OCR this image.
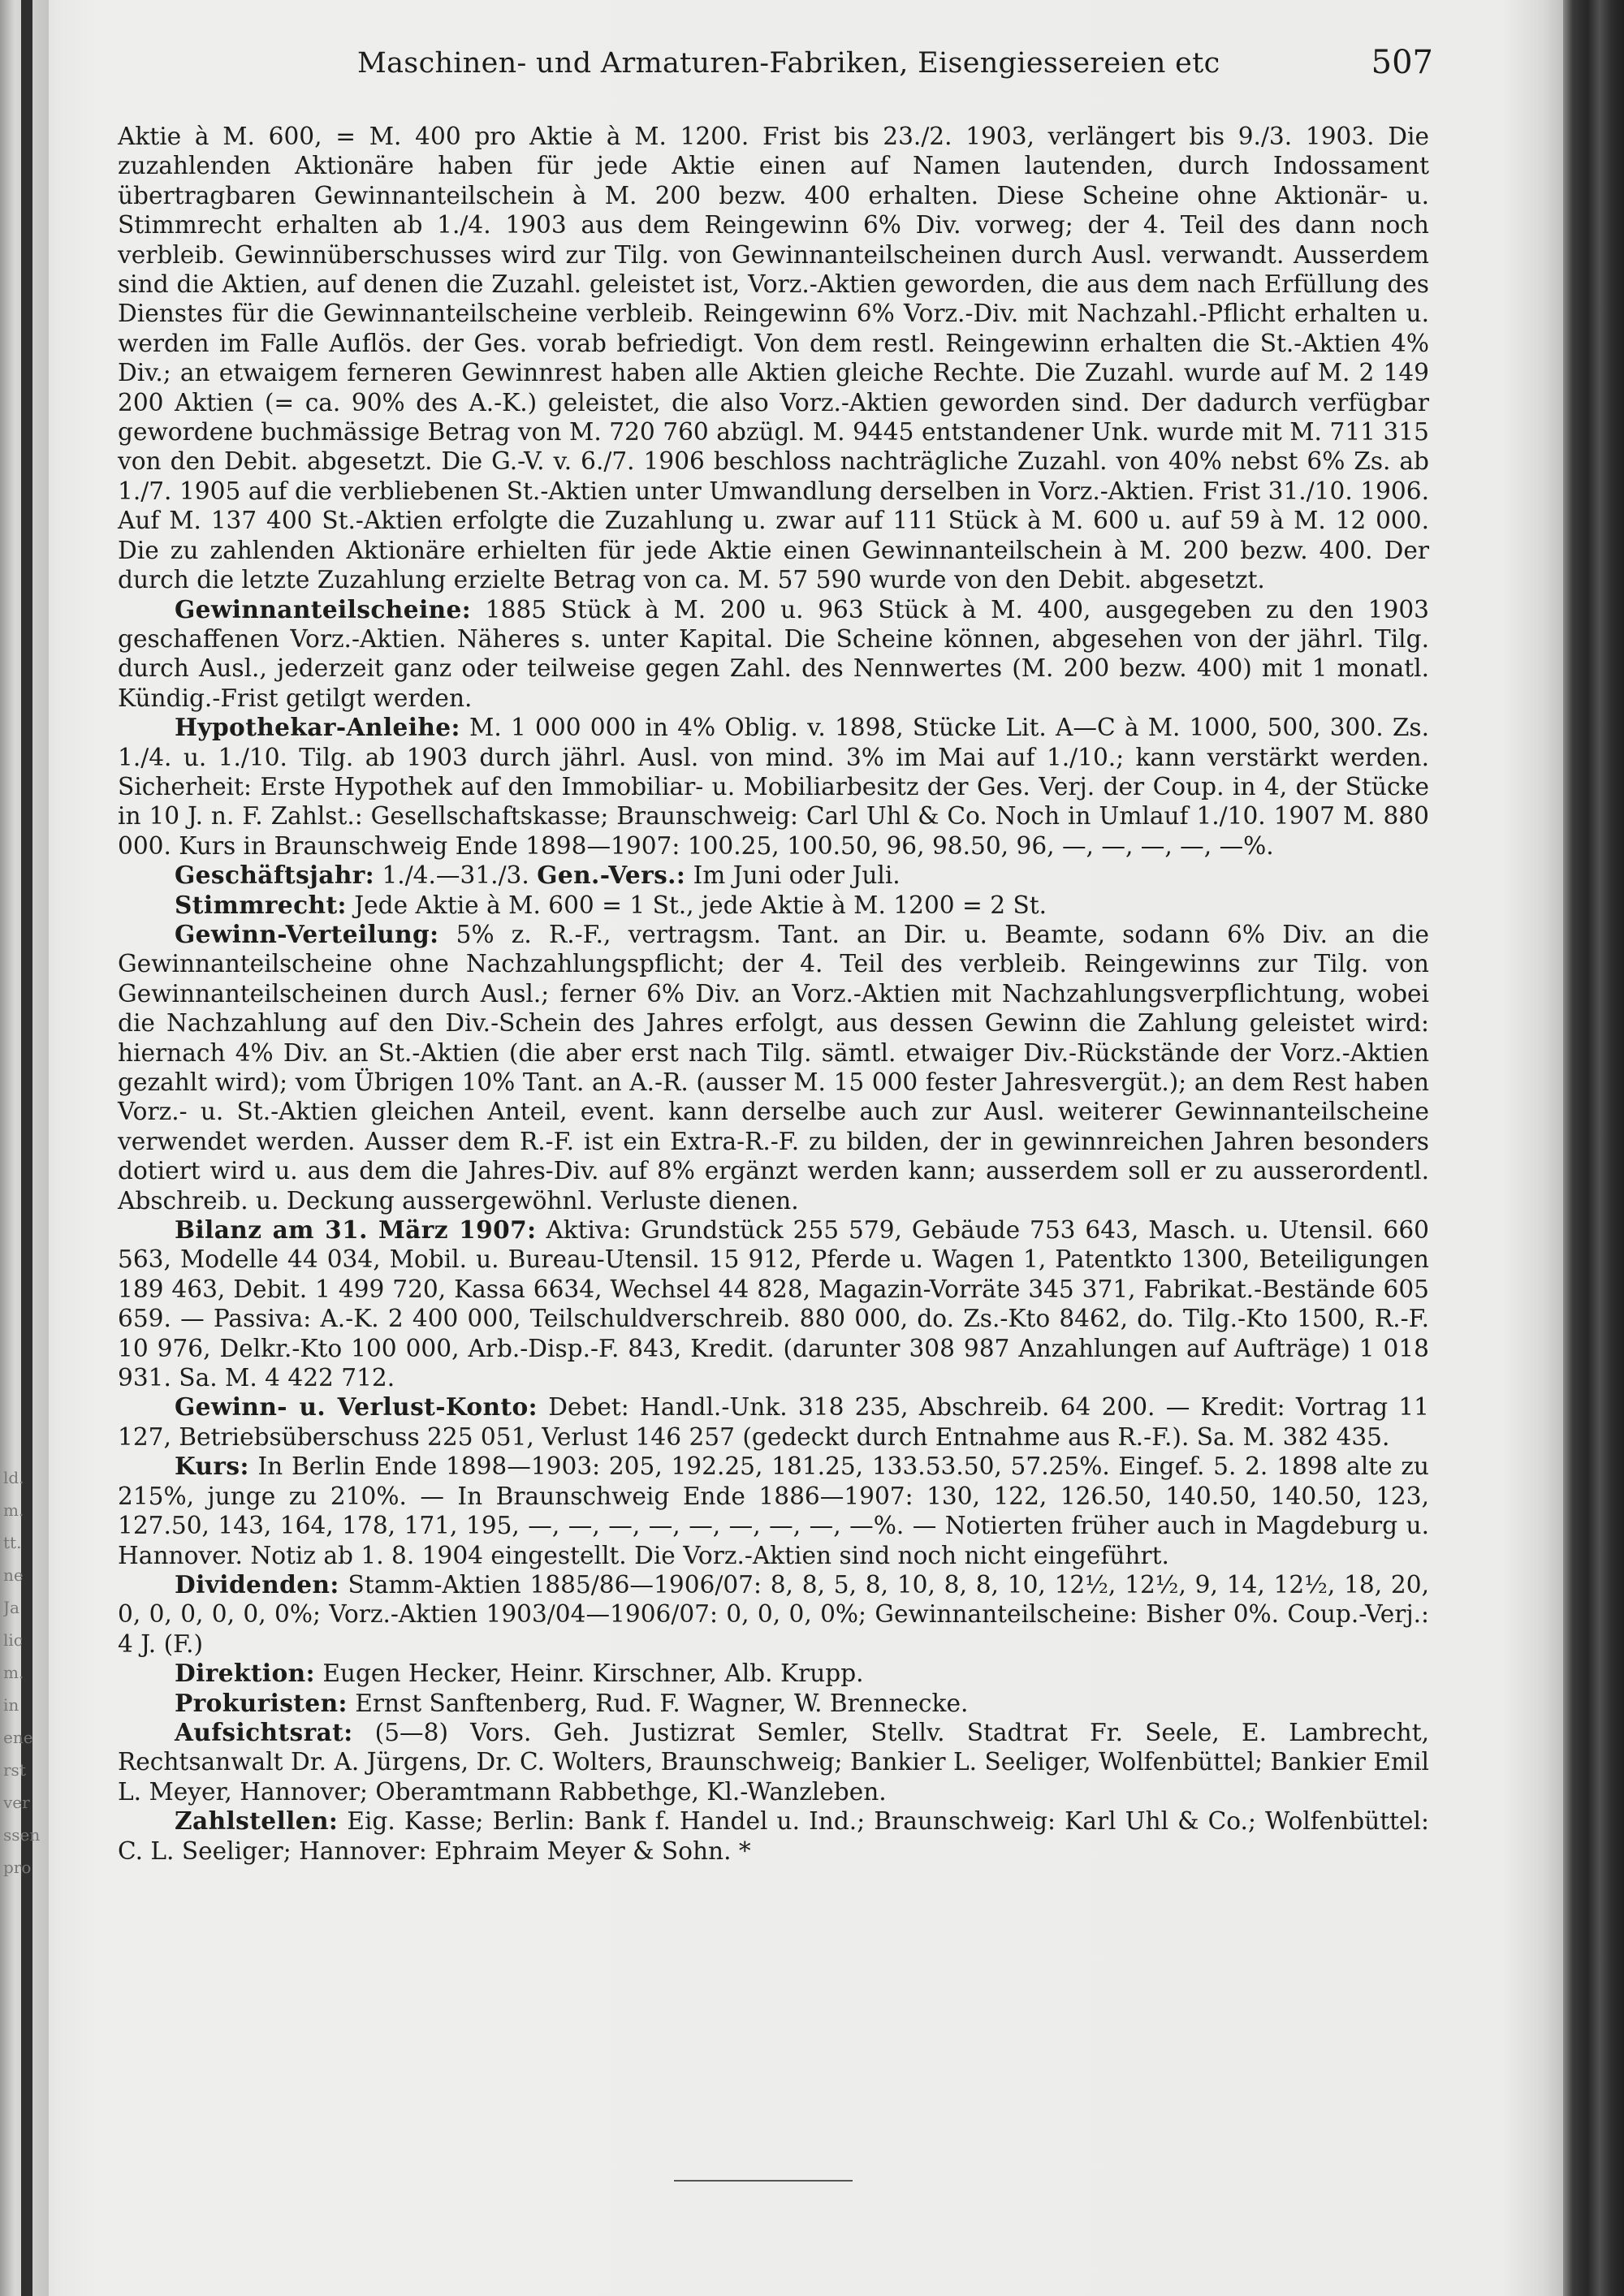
ld.
m.
tt.
ne
Ja
lic
m.
in
ene
rst
ver
ssen
pro
Maschinen- und Armaturen-Fabriken, Eisengiessereien etc	507

Aktie à M. 600, = M. 400 pro Aktie à M. 1200. Frist bis 23./2. 1903, verlängert bis 9./3. 1903. Die zuzahlenden Aktionäre haben für jede Aktie einen auf Namen lautenden, durch Indossament übertragbaren Gewinnanteilschein à M. 200 bezw. 400 erhalten. Diese Scheine ohne Aktionär- u. Stimmrecht erhalten ab 1./4. 1903 aus dem Reingewinn 6% Div. vorweg; der 4. Teil des dann noch verbleib. Gewinnüberschusses wird zur Tilg. von Gewinnanteilscheinen durch Ausl. verwandt. Ausserdem sind die Aktien, auf denen die Zuzahl. geleistet ist, Vorz.-Aktien geworden, die aus dem nach Erfüllung des Dienstes für die Gewinnanteilscheine verbleib. Reingewinn 6% Vorz.-Div. mit Nachzahl.-Pflicht erhalten u. werden im Falle Auflös. der Ges. vorab befriedigt. Von dem restl. Reingewinn erhalten die St.-Aktien 4% Div.; an etwaigem ferneren Gewinnrest haben alle Aktien gleiche Rechte. Die Zuzahl. wurde auf M. 2 149 200 Aktien (= ca. 90% des A.-K.) geleistet, die also Vorz.-Aktien geworden sind. Der dadurch verfügbar gewordene buchmässige Betrag von M. 720 760 abzügl. M. 9445 entstandener Unk. wurde mit M. 711 315 von den Debit. abgesetzt. Die G.-V. v. 6./7. 1906 beschloss nachträgliche Zuzahl. von 40% nebst 6% Zs. ab 1./7. 1905 auf die verbliebenen St.-Aktien unter Umwandlung derselben in Vorz.-Aktien. Frist 31./10. 1906. Auf M. 137 400 St.-Aktien erfolgte die Zuzahlung u. zwar auf 111 Stück à M. 600 u. auf 59 à M. 12 000. Die zu zahlenden Aktionäre erhielten für jede Aktie einen Gewinnanteilschein à M. 200 bezw. 400. Der durch die letzte Zuzahlung erzielte Betrag von ca. M. 57 590 wurde von den Debit. abgesetzt.

Gewinnanteilscheine: 1885 Stück à M. 200 u. 963 Stück à M. 400, ausgegeben zu den 1903 geschaffenen Vorz.-Aktien. Näheres s. unter Kapital. Die Scheine können, abgesehen von der jährl. Tilg. durch Ausl., jederzeit ganz oder teilweise gegen Zahl. des Nennwertes (M. 200 bezw. 400) mit 1 monatl. Kündig.-Frist getilgt werden.

Hypothekar-Anleihe: M. 1 000 000 in 4% Oblig. v. 1898, Stücke Lit. A—C à M. 1000, 500, 300. Zs. 1./4. u. 1./10. Tilg. ab 1903 durch jährl. Ausl. von mind. 3% im Mai auf 1./10.; kann verstärkt werden. Sicherheit: Erste Hypothek auf den Immobiliar- u. Mobiliarbesitz der Ges. Verj. der Coup. in 4, der Stücke in 10 J. n. F. Zahlst.: Gesellschaftskasse; Braunschweig: Carl Uhl & Co. Noch in Umlauf 1./10. 1907 M. 880 000. Kurs in Braunschweig Ende 1898—1907: 100.25, 100.50, 96, 98.50, 96, —, —, —, —, —%.

Geschäftsjahr: 1./4.—31./3. Gen.-Vers.: Im Juni oder Juli.

Stimmrecht: Jede Aktie à M. 600 = 1 St., jede Aktie à M. 1200 = 2 St.

Gewinn-Verteilung: 5% z. R.-F., vertragsm. Tant. an Dir. u. Beamte, sodann 6% Div. an die Gewinnanteilscheine ohne Nachzahlungspflicht; der 4. Teil des verbleib. Reingewinns zur Tilg. von Gewinnanteilscheinen durch Ausl.; ferner 6% Div. an Vorz.-Aktien mit Nachzahlungsverpflichtung, wobei die Nachzahlung auf den Div.-Schein des Jahres erfolgt, aus dessen Gewinn die Zahlung geleistet wird: hiernach 4% Div. an St.-Aktien (die aber erst nach Tilg. sämtl. etwaiger Div.-Rückstände der Vorz.-Aktien gezahlt wird); vom Übrigen 10% Tant. an A.-R. (ausser M. 15 000 fester Jahresvergüt.); an dem Rest haben Vorz.- u. St.-Aktien gleichen Anteil, event. kann derselbe auch zur Ausl. weiterer Gewinnanteilscheine verwendet werden. Ausser dem R.-F. ist ein Extra-R.-F. zu bilden, der in gewinnreichen Jahren besonders dotiert wird u. aus dem die Jahres-Div. auf 8% ergänzt werden kann; ausserdem soll er zu ausserordentl. Abschreib. u. Deckung aussergewöhnl. Verluste dienen.

Bilanz am 31. März 1907: Aktiva: Grundstück 255 579, Gebäude 753 643, Masch. u. Utensil. 660 563, Modelle 44 034, Mobil. u. Bureau-Utensil. 15 912, Pferde u. Wagen 1, Patentkto 1300, Beteiligungen 189 463, Debit. 1 499 720, Kassa 6634, Wechsel 44 828, Magazin-Vorräte 345 371, Fabrikat.-Bestände 605 659. — Passiva: A.-K. 2 400 000, Teilschuldverschreib. 880 000, do. Zs.-Kto 8462, do. Tilg.-Kto 1500, R.-F. 10 976, Delkr.-Kto 100 000, Arb.-Disp.-F. 843, Kredit. (darunter 308 987 Anzahlungen auf Aufträge) 1 018 931. Sa. M. 4 422 712.

Gewinn- u. Verlust-Konto: Debet: Handl.-Unk. 318 235, Abschreib. 64 200. — Kredit: Vortrag 11 127, Betriebsüberschuss 225 051, Verlust 146 257 (gedeckt durch Entnahme aus R.-F.). Sa. M. 382 435.

Kurs: In Berlin Ende 1898—1903: 205, 192.25, 181.25, 133.53.50, 57.25%. Eingef. 5. 2. 1898 alte zu 215%, junge zu 210%. — In Braunschweig Ende 1886—1907: 130, 122, 126.50, 140.50, 140.50, 123, 127.50, 143, 164, 178, 171, 195, —, —, —, —, —, —, —, —, —%. — Notierten früher auch in Magdeburg u. Hannover. Notiz ab 1. 8. 1904 eingestellt. Die Vorz.-Aktien sind noch nicht eingeführt.

Dividenden: Stamm-Aktien 1885/86—1906/07: 8, 8, 5, 8, 10, 8, 8, 10, 12½, 12½, 9, 14, 12½, 18, 20, 0, 0, 0, 0, 0, 0%; Vorz.-Aktien 1903/04—1906/07: 0, 0, 0, 0%; Gewinnanteilscheine: Bisher 0%. Coup.-Verj.: 4 J. (F.)

Direktion: Eugen Hecker, Heinr. Kirschner, Alb. Krupp.

Prokuristen: Ernst Sanftenberg, Rud. F. Wagner, W. Brennecke.

Aufsichtsrat: (5—8) Vors. Geh. Justizrat Semler, Stellv. Stadtrat Fr. Seele, E. Lambrecht, Rechtsanwalt Dr. A. Jürgens, Dr. C. Wolters, Braunschweig; Bankier L. Seeliger, Wolfenbüttel; Bankier Emil L. Meyer, Hannover; Oberamtmann Rabbethge, Kl.-Wanzleben.

Zahlstellen: Eig. Kasse; Berlin: Bank f. Handel u. Ind.; Braunschweig: Karl Uhl & Co.; Wolfenbüttel: C. L. Seeliger; Hannover: Ephraim Meyer & Sohn. *
